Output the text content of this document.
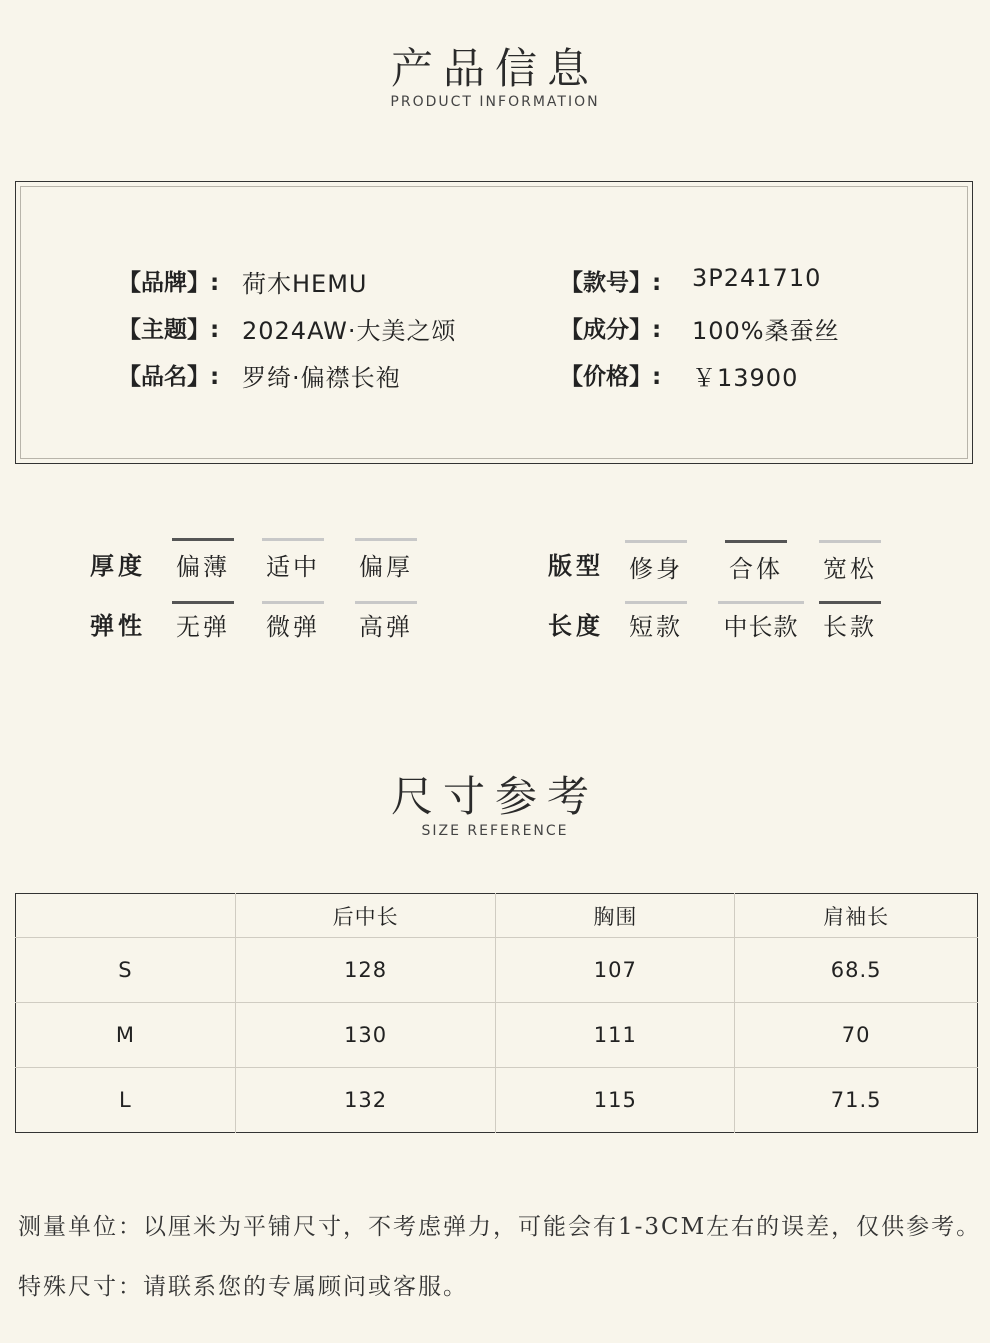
产品信息
PRODUCT INFORMATION
【品牌】: 荷木HEMU
【主题】: 2024AW·大美之颂
【品名】: 罗绮·偏襟长袍
【款号】: 3P241710
【成分】: 100%桑蚕丝
【价格】: ￥13900
厚度 偏薄 适中 偏厚
弹性 无弹 微弹 高弹
版型 修身 合体 宽松
长度 短款 中长款 长款
尺寸参考
SIZE REFERENCE
	后中长	胸围	肩袖长
S	128	107	68.5
M	130	111	70
L	132	115	71.5
测量单位：以厘米为平铺尺寸，不考虑弹力，可能会有1-3CM左右的误差，仅供参考。
特殊尺寸：请联系您的专属顾问或客服。
